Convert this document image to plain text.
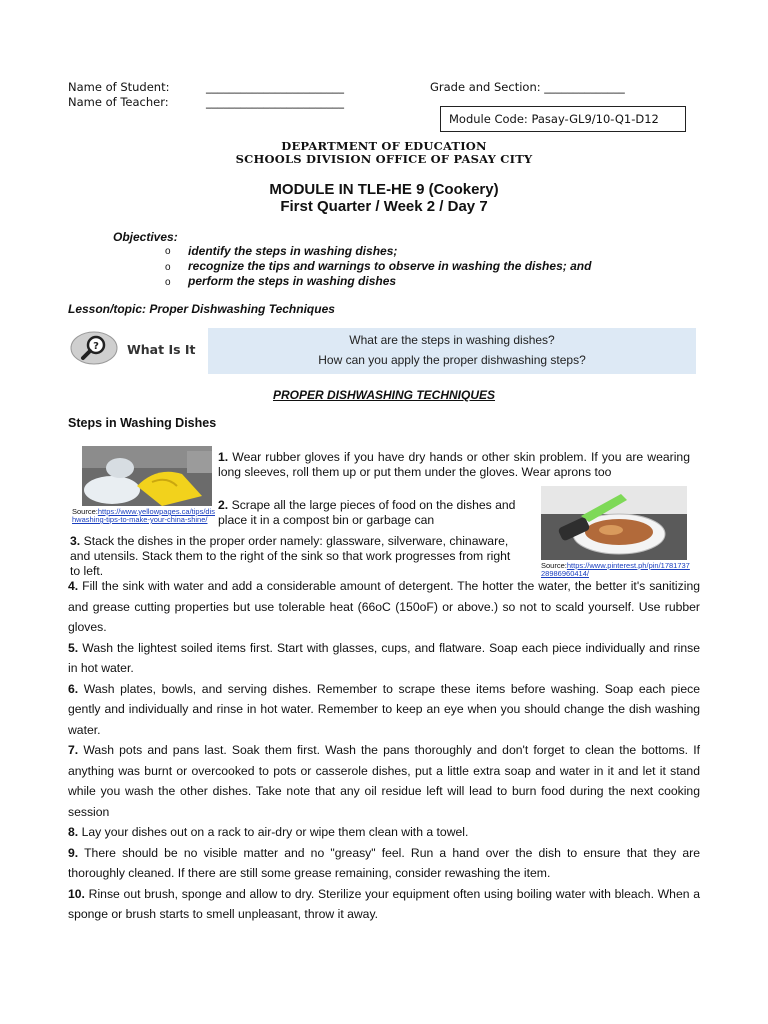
Name of Student:	________________________
Name of Teacher:	________________________
Grade and Section: ______________
Module Code: Pasay-GL9/10-Q1-D12
DEPARTMENT OF EDUCATION
SCHOOLS DIVISION OFFICE OF PASAY CITY
MODULE IN TLE-HE 9 (Cookery)
First Quarter / Week 2 / Day 7
Objectives:
o identify the steps in washing dishes;
o recognize the tips and warnings to observe in washing the dishes; and
o perform the steps in washing dishes
Lesson/topic: Proper Dishwashing Techniques
? What Is It
What are the steps in washing dishes?
How can you apply the proper dishwashing steps?
PROPER DISHWASHING TECHNIQUES
Steps in Washing Dishes
Source:https://www.yellowpages.ca/tips/dishwashing-tips-to-make-your-china-shine/
Source:https://www.pinterest.ph/pin/178173728986960414/
1. Wear rubber gloves if you have dry hands or other skin problem. If you are wearing long sleeves, roll them up or put them under the gloves. Wear aprons too
2. Scrape all the large pieces of food on the dishes and place it in a compost bin or garbage can
3. Stack the dishes in the proper order namely: glassware, silverware, chinaware, and utensils. Stack them to the right of the sink so that work progresses from right to left.
4. Fill the sink with water and add a considerable amount of detergent. The hotter the water, the better it's sanitizing and grease cutting properties but use tolerable heat (66oC (150oF) or above.) so not to scald yourself. Use rubber gloves.
5. Wash the lightest soiled items first. Start with glasses, cups, and flatware. Soap each piece individually and rinse in hot water.
6. Wash plates, bowls, and serving dishes. Remember to scrape these items before washing. Soap each piece gently and individually and rinse in hot water. Remember to keep an eye when you should change the dish washing water.
7. Wash pots and pans last. Soak them first. Wash the pans thoroughly and don't forget to clean the bottoms. If anything was burnt or overcooked to pots or casserole dishes, put a little extra soap and water in it and let it stand while you wash the other dishes. Take note that any oil residue left will lead to burn food during the next cooking session
8. Lay your dishes out on a rack to air-dry or wipe them clean with a towel.
9. There should be no visible matter and no "greasy" feel. Run a hand over the dish to ensure that they are thoroughly cleaned. If there are still some grease remaining, consider rewashing the item.
10. Rinse out brush, sponge and allow to dry. Sterilize your equipment often using boiling water with bleach. When a sponge or brush starts to smell unpleasant, throw it away.
